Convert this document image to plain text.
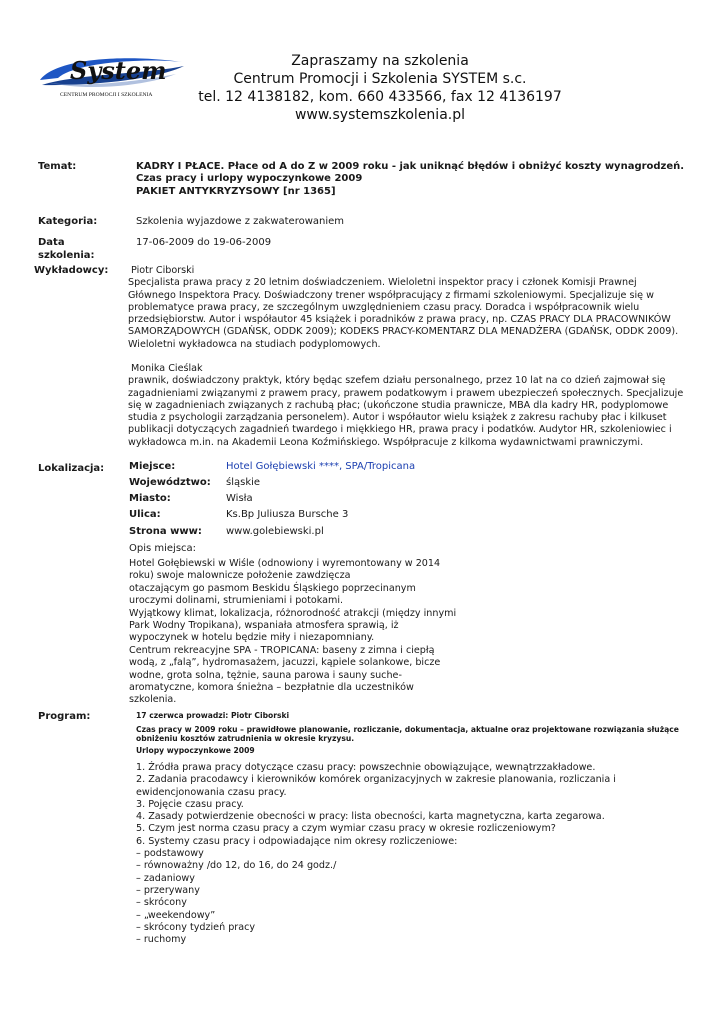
System
CENTRUM PROMOCJI I SZKOLENIA
Zapraszamy na szkolenia
Centrum Promocji i Szkolenia SYSTEM s.c.
tel. 12 4138182, kom. 660 433566, fax 12 4136197
www.systemszkolenia.pl
Temat:	KADRY I PŁACE. Płace od A do Z w 2009 roku - jak uniknąć błędów i obniżyć koszty wynagrodzeń.
Czas pracy i urlopy wypoczynkowe 2009
PAKIET ANTYKRYZYSOWY [nr 1365]
Kategoria:	Szkolenia wyjazdowe z zakwaterowaniem
Data
szkolenia:
17-06-2009 do 19-06-2009
Wykładowcy:	Piotr Ciborski
Specjalista prawa pracy z 20 letnim doświadczeniem. Wieloletni inspektor pracy i członek Komisji Prawnej
Głównego Inspektora Pracy. Doświadczony trener współpracujący z firmami szkoleniowymi. Specjalizuje się w
problematyce prawa pracy, ze szczególnym uwzględnieniem czasu pracy. Doradca i współpracownik wielu
przedsiębiorstw. Autor i współautor 45 książek i poradników z prawa pracy, np. CZAS PRACY DLA PRACOWNIKÓW
SAMORZĄDOWYCH (GDAŃSK, ODDK 2009); KODEKS PRACY-KOMENTARZ DLA MENADŻERA (GDAŃSK, ODDK 2009).
Wieloletni wykładowca na studiach podyplomowych.
Monika Cieślak
prawnik, doświadczony praktyk, który będąc szefem działu personalnego, przez 10 lat na co dzień zajmował się
zagadnieniami związanymi z prawem pracy, prawem podatkowym i prawem ubezpieczeń społecznych. Specjalizuje
się w zagadnieniach związanych z rachubą płac; (ukończone studia prawnicze, MBA dla kadry HR, podyplomowe
studia z psychologii zarządzania personelem). Autor i współautor wielu książek z zakresu rachuby płac i kilkuset
publikacji dotyczących zagadnień twardego i miękkiego HR, prawa pracy i podatków. Audytor HR, szkoleniowiec i
wykładowca m.in. na Akademii Leona Koźmińskiego. Współpracuje z kilkoma wydawnictwami prawniczymi.
Lokalizacja: Miejsce:	Hotel Gołębiewski ****, SPA/Tropicana
Województwo: śląskie
Miasto:	Wisła
Ulica:	Ks.Bp Juliusza Bursche 3
Strona www: www.golebiewski.pl
Opis miejsca:
Hotel Gołębiewski w Wiśle (odnowiony i wyremontowany w 2014
roku) swoje malownicze położenie zawdzięcza
otaczającym go pasmom Beskidu Śląskiego poprzecinanym
uroczymi dolinami, strumieniami i potokami.
Wyjątkowy klimat, lokalizacja, różnorodność atrakcji (między innymi
Park Wodny Tropikana), wspaniała atmosfera sprawią, iż
wypoczynek w hotelu będzie miły i niezapomniany.
Centrum rekreacyjne SPA - TROPICANA: baseny z zimna i ciepłą
wodą, z „falą”, hydromasażem, jacuzzi, kąpiele solankowe, bicze
wodne, grota solna, tężnie, sauna parowa i sauny suche-
aromatyczne, komora śnieżna – bezpłatnie dla uczestników
szkolenia.
Program:	17 czerwca prowadzi: Piotr Ciborski
Czas pracy w 2009 roku – prawidłowe planowanie, rozliczanie, dokumentacja, aktualne oraz projektowane rozwiązania służące
obniżeniu kosztów zatrudnienia w okresie kryzysu.
Urlopy wypoczynkowe 2009
1. Źródła prawa pracy dotyczące czasu pracy: powszechnie obowiązujące, wewnątrzzakładowe.
2. Zadania pracodawcy i kierowników komórek organizacyjnych w zakresie planowania, rozliczania i
ewidencjonowania czasu pracy.
3. Pojęcie czasu pracy.
4. Zasady potwierdzenie obecności w pracy: lista obecności, karta magnetyczna, karta zegarowa.
5. Czym jest norma czasu pracy a czym wymiar czasu pracy w okresie rozliczeniowym?
6. Systemy czasu pracy i odpowiadające nim okresy rozliczeniowe:
– podstawowy
– równoważny /do 12, do 16, do 24 godz./
– zadaniowy
– przerywany
– skrócony
– „weekendowy”
– skrócony tydzień pracy
– ruchomy
